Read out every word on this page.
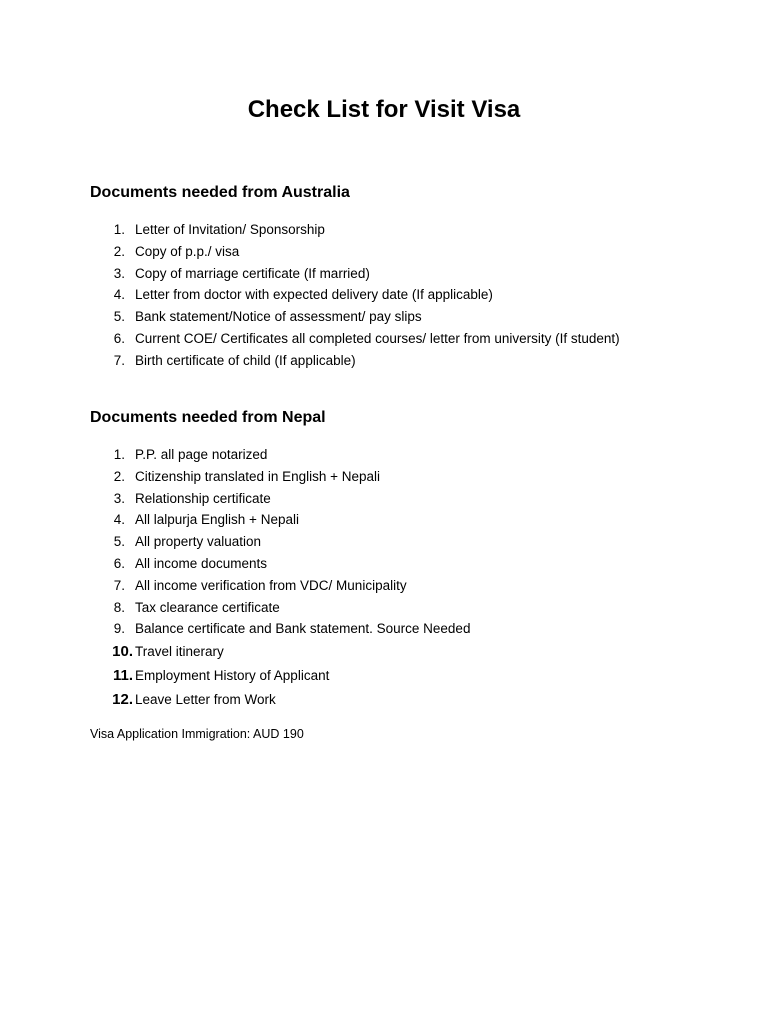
Check List for Visit Visa
Documents needed from Australia
1. Letter of Invitation/ Sponsorship
2. Copy of p.p./ visa
3. Copy of marriage certificate (If married)
4. Letter from doctor with expected delivery date (If applicable)
5. Bank statement/Notice of assessment/ pay slips
6. Current COE/ Certificates all completed courses/ letter from university (If student)
7. Birth certificate of child (If applicable)
Documents needed from Nepal
1. P.P. all page notarized
2. Citizenship translated in English + Nepali
3. Relationship certificate
4. All lalpurja English + Nepali
5. All property valuation
6. All income documents
7. All income verification from VDC/ Municipality
8. Tax clearance certificate
9. Balance certificate and Bank statement. Source Needed
10. Travel itinerary
11. Employment History of Applicant
12. Leave Letter from Work
Visa Application Immigration: AUD 190
